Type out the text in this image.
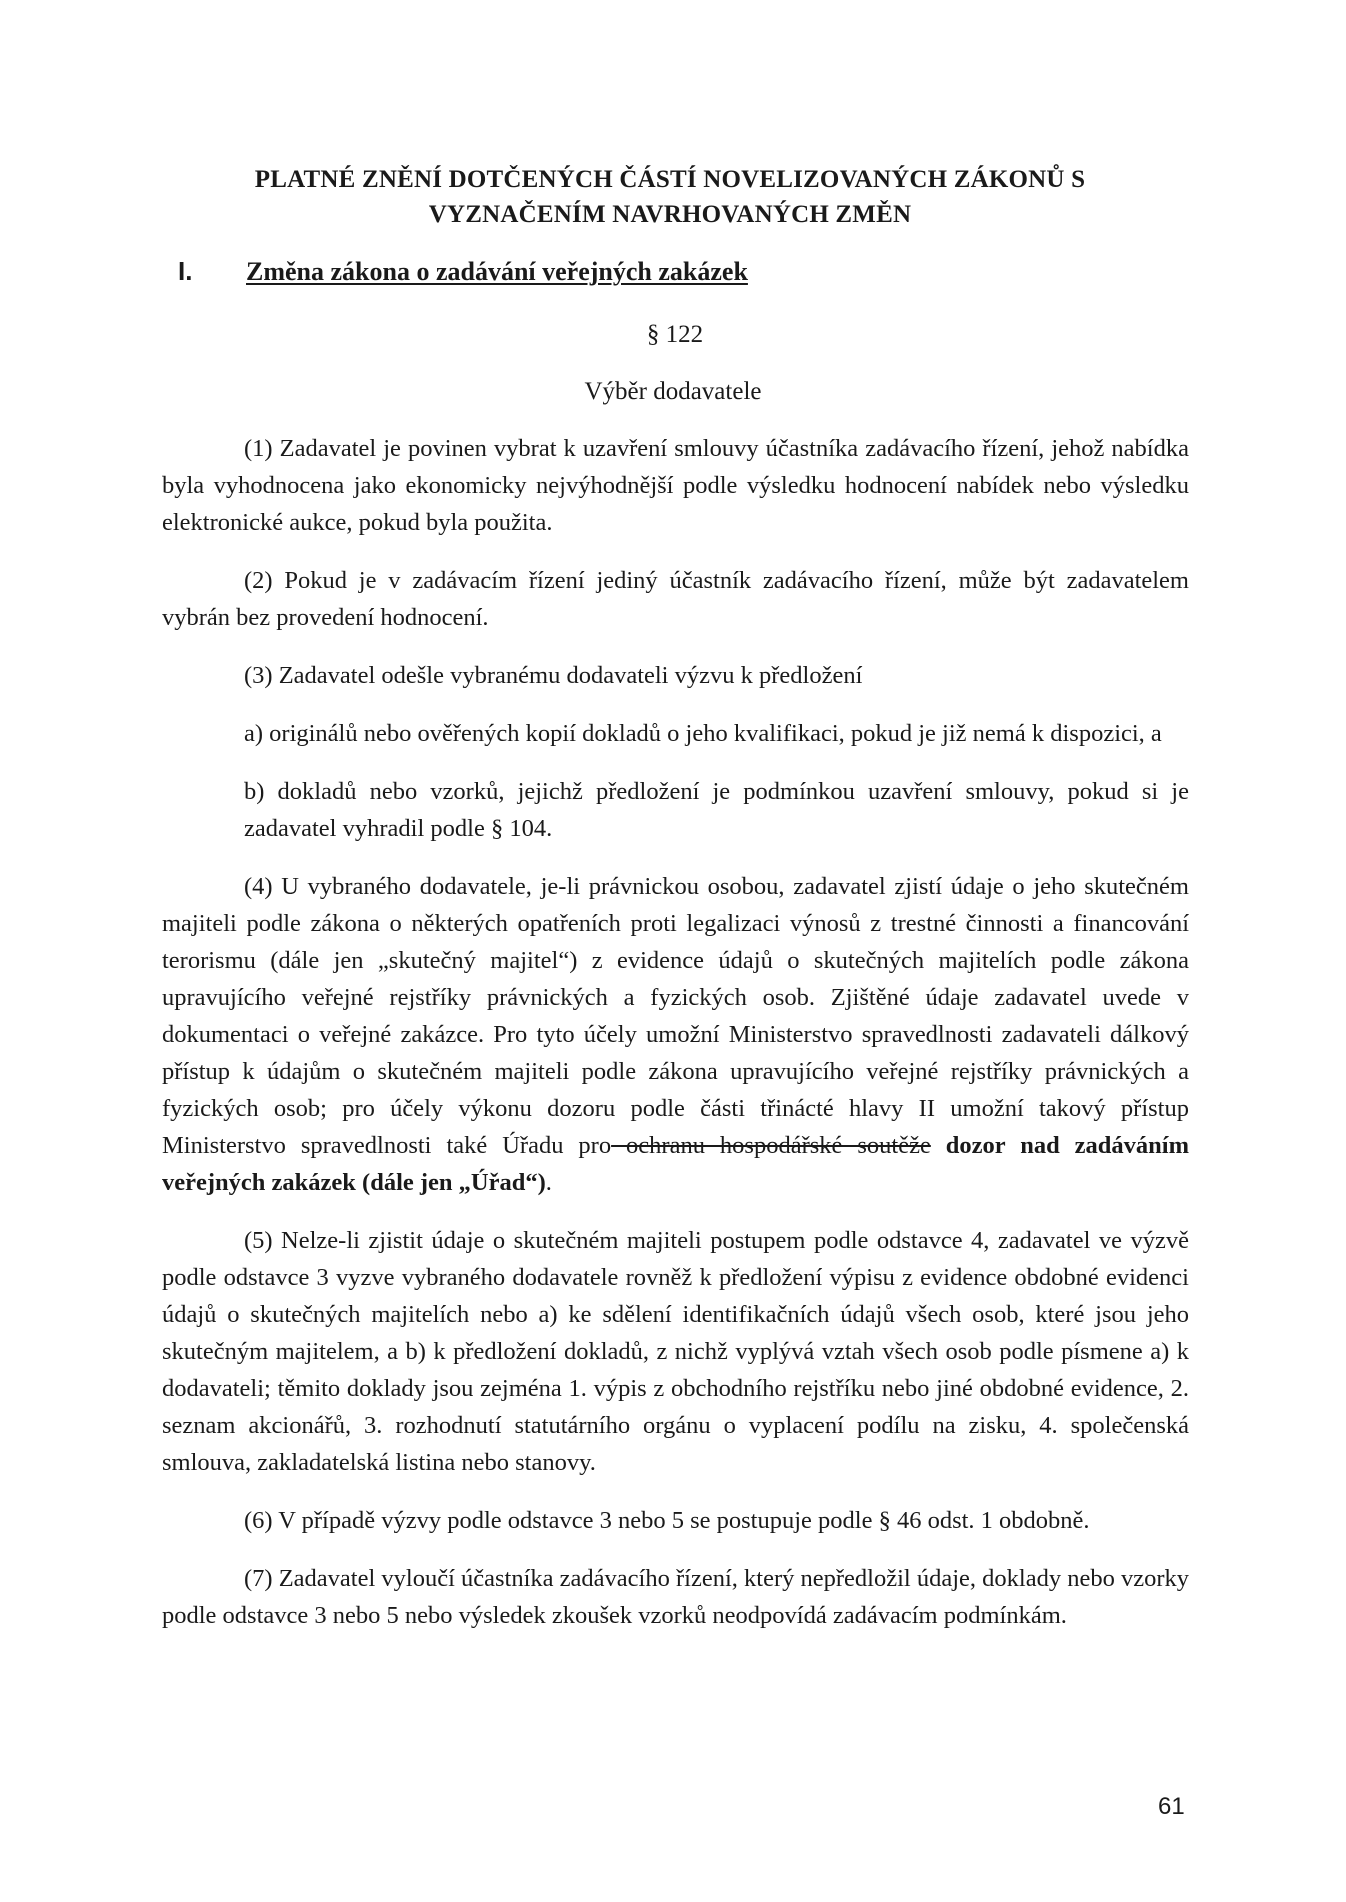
PLATNÉ ZNĚNÍ DOTČENÝCH ČÁSTÍ NOVELIZOVANÝCH ZÁKONŮ S
VYZNAČENÍM NAVRHOVANÝCH ZMĚN
I. Změna zákona o zadávání veřejných zakázek
§ 122
Výběr dodavatele

(1) Zadavatel je povinen vybrat k uzavření smlouvy účastníka zadávacího řízení, jehož nabídka byla vyhodnocena jako ekonomicky nejvýhodnější podle výsledku hodnocení nabídek nebo výsledku elektronické aukce, pokud byla použita.

(2) Pokud je v zadávacím řízení jediný účastník zadávacího řízení, může být zadavatelem vybrán bez provedení hodnocení.

(3) Zadavatel odešle vybranému dodavateli výzvu k předložení

a) originálů nebo ověřených kopií dokladů o jeho kvalifikaci, pokud je již nemá k dispozici, a

b) dokladů nebo vzorků, jejichž předložení je podmínkou uzavření smlouvy, pokud si je zadavatel vyhradil podle § 104.

(4) U vybraného dodavatele, je-li právnickou osobou, zadavatel zjistí údaje o jeho skutečném majiteli podle zákona o některých opatřeních proti legalizaci výnosů z trestné činnosti a financování terorismu (dále jen „skutečný majitel“) z evidence údajů o skutečných majitelích podle zákona upravujícího veřejné rejstříky právnických a fyzických osob. Zjištěné údaje zadavatel uvede v dokumentaci o veřejné zakázce. Pro tyto účely umožní Ministerstvo spravedlnosti zadavateli dálkový přístup k údajům o skutečném majiteli podle zákona upravujícího veřejné rejstříky právnických a fyzických osob; pro účely výkonu dozoru podle části třinácté hlavy II umožní takový přístup Ministerstvo spravedlnosti také Úřadu pro ochranu hospodářské soutěže dozor nad zadáváním veřejných zakázek (dále jen „Úřad“).

(5) Nelze-li zjistit údaje o skutečném majiteli postupem podle odstavce 4, zadavatel ve výzvě podle odstavce 3 vyzve vybraného dodavatele rovněž k předložení výpisu z evidence obdobné evidenci údajů o skutečných majitelích nebo a) ke sdělení identifikačních údajů všech osob, které jsou jeho skutečným majitelem, a b) k předložení dokladů, z nichž vyplývá vztah všech osob podle písmene a) k dodavateli; těmito doklady jsou zejména 1. výpis z obchodního rejstříku nebo jiné obdobné evidence, 2. seznam akcionářů, 3. rozhodnutí statutárního orgánu o vyplacení podílu na zisku, 4. společenská smlouva, zakladatelská listina nebo stanovy.

(6) V případě výzvy podle odstavce 3 nebo 5 se postupuje podle § 46 odst. 1 obdobně.

(7) Zadavatel vyloučí účastníka zadávacího řízení, který nepředložil údaje, doklady nebo vzorky podle odstavce 3 nebo 5 nebo výsledek zkoušek vzorků neodpovídá zadávacím podmínkám.

61
